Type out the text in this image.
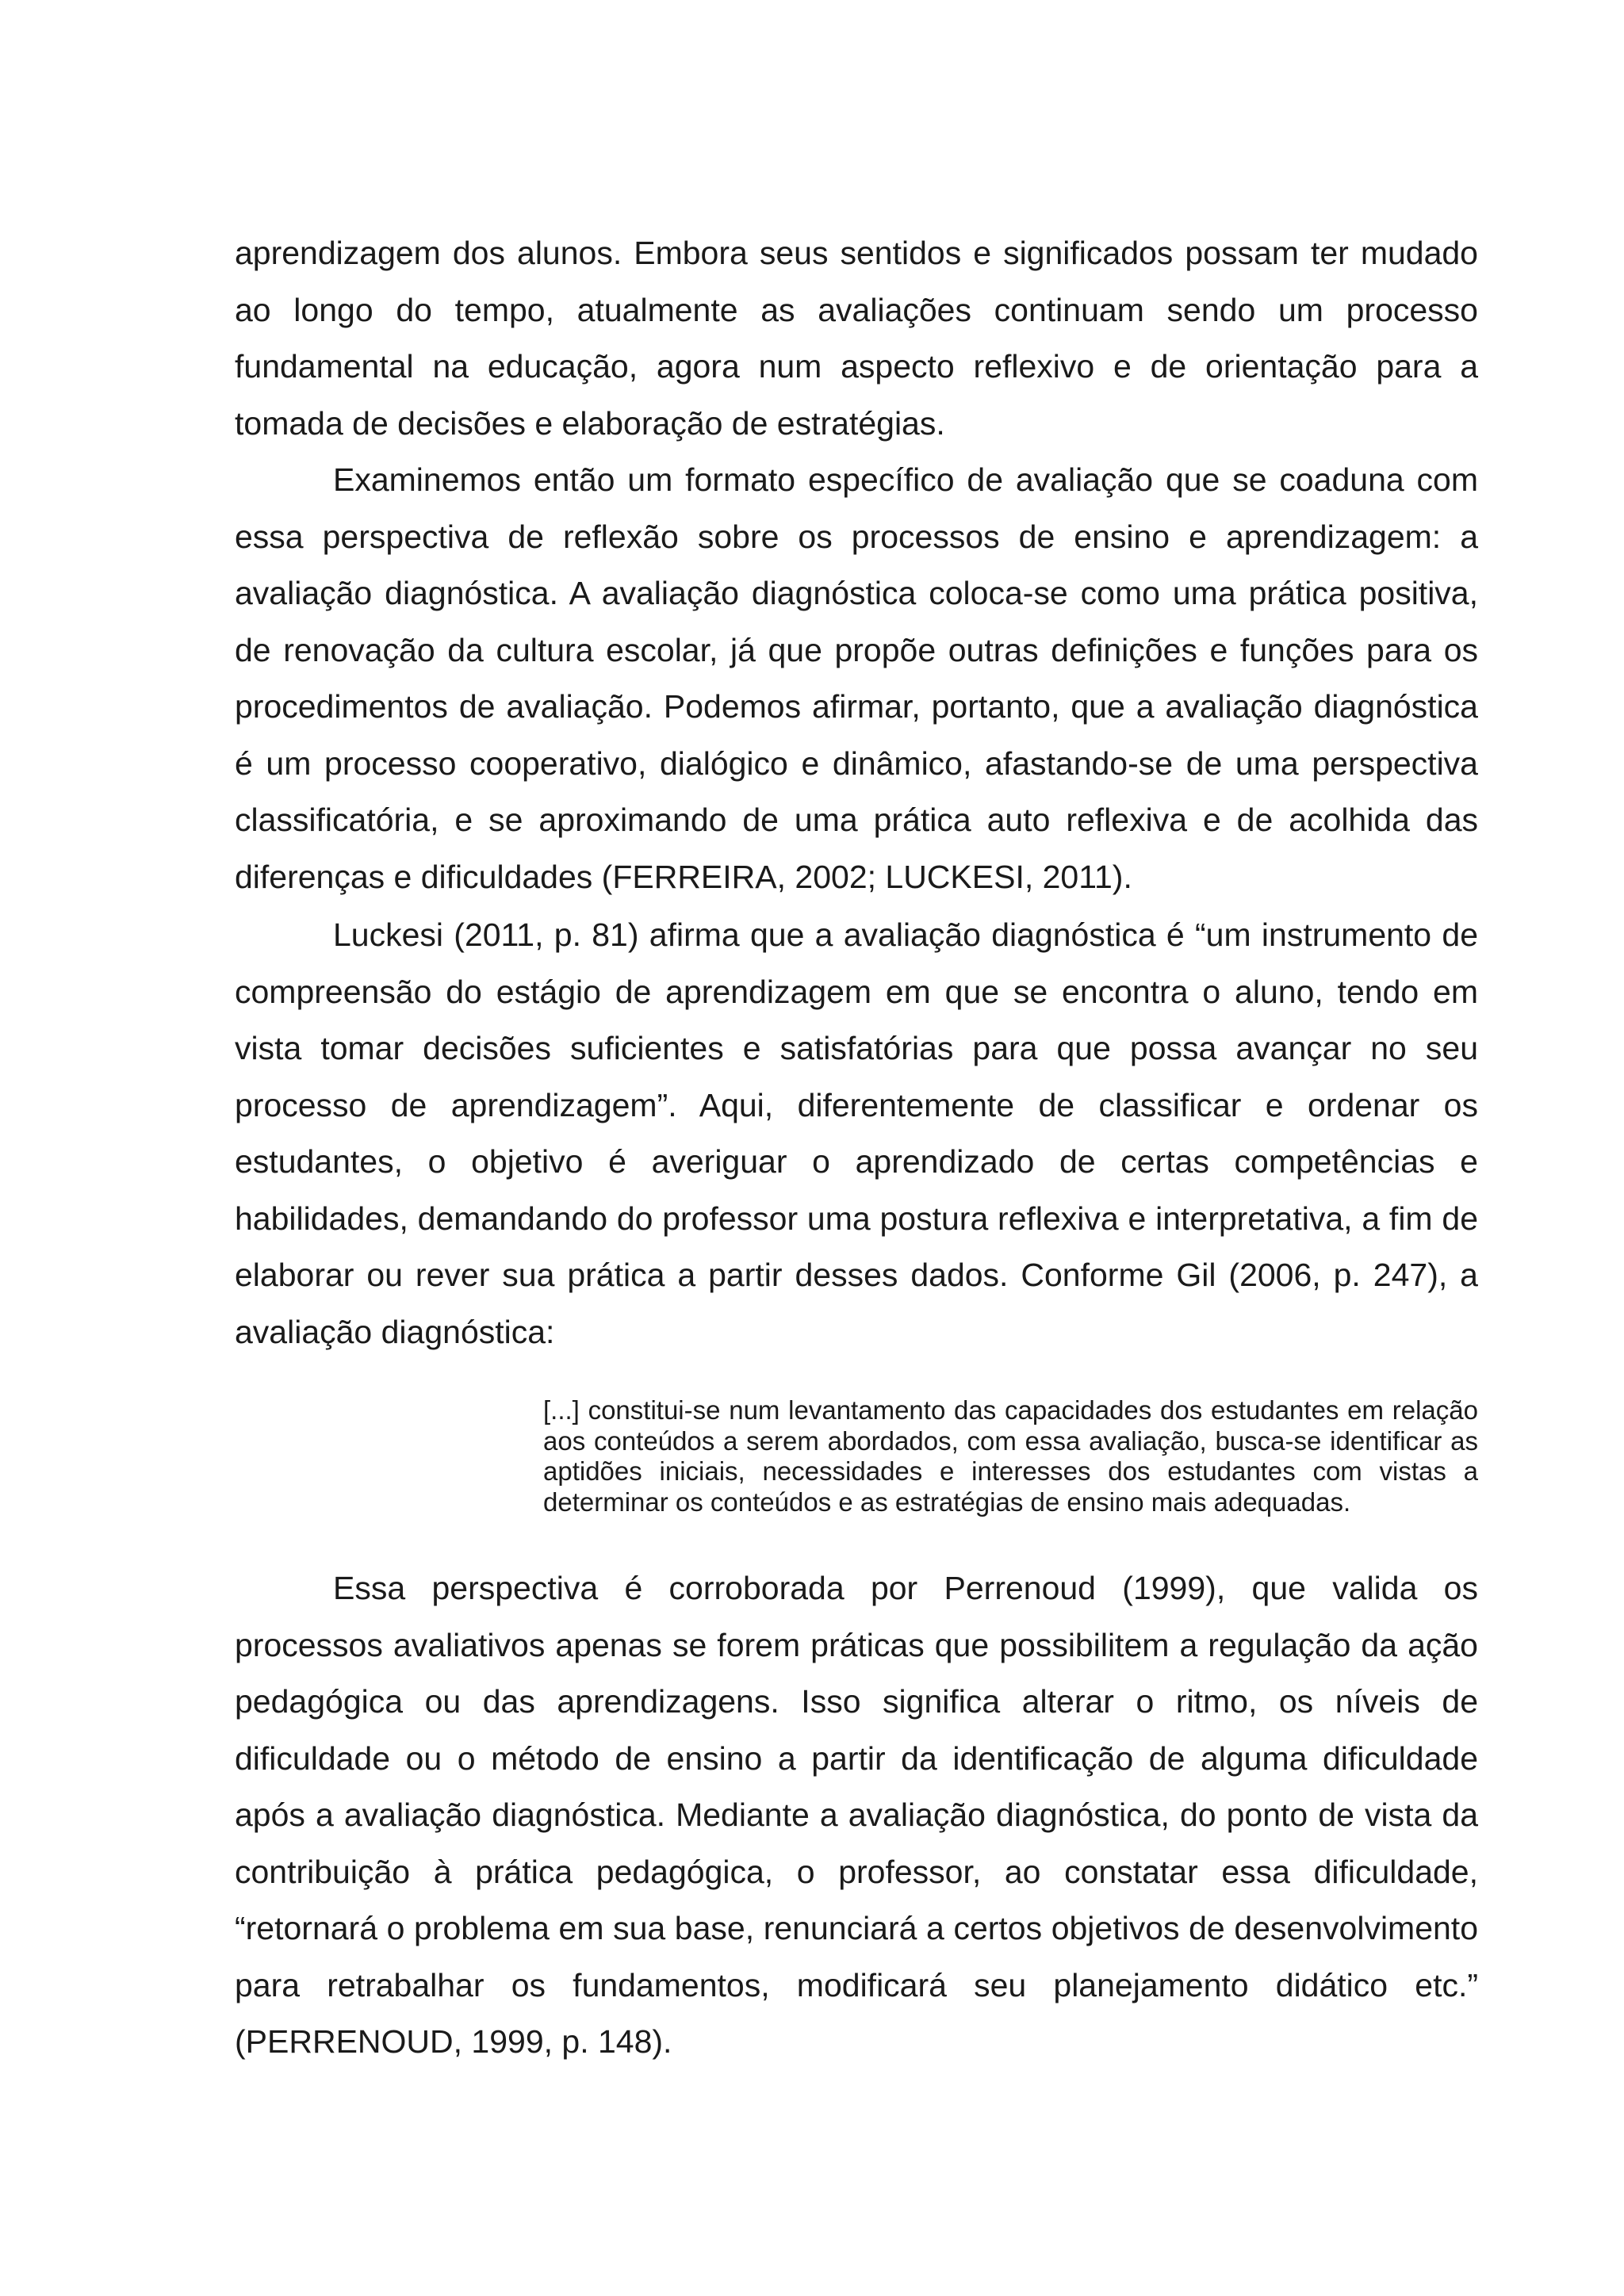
aprendizagem dos alunos. Embora seus sentidos e significados possam ter mudado ao longo do tempo, atualmente as avaliações continuam sendo um processo fundamental na educação, agora num aspecto reflexivo e de orientação para a tomada de decisões e elaboração de estratégias.

Examinemos então um formato específico de avaliação que se coaduna com essa perspectiva de reflexão sobre os processos de ensino e aprendizagem: a avaliação diagnóstica. A avaliação diagnóstica coloca-se como uma prática positiva, de renovação da cultura escolar, já que propõe outras definições e funções para os procedimentos de avaliação. Podemos afirmar, portanto, que a avaliação diagnóstica é um processo cooperativo, dialógico e dinâmico, afastando-se de uma perspectiva classificatória, e se aproximando de uma prática auto reflexiva e de acolhida das diferenças e dificuldades (FERREIRA, 2002; LUCKESI, 2011).

Luckesi (2011, p. 81) afirma que a avaliação diagnóstica é “um instrumento de compreensão do estágio de aprendizagem em que se encontra o aluno, tendo em vista tomar decisões suficientes e satisfatórias para que possa avançar no seu processo de aprendizagem”. Aqui, diferentemente de classificar e ordenar os estudantes, o objetivo é averiguar o aprendizado de certas competências e habilidades, demandando do professor uma postura reflexiva e interpretativa, a fim de elaborar ou rever sua prática a partir desses dados. Conforme Gil (2006, p. 247), a avaliação diagnóstica:

[...] constitui-se num levantamento das capacidades dos estudantes em relação aos conteúdos a serem abordados, com essa avaliação, busca-se identificar as aptidões iniciais, necessidades e interesses dos estudantes com vistas a determinar os conteúdos e as estratégias de ensino mais adequadas.

Essa perspectiva é corroborada por Perrenoud (1999), que valida os processos avaliativos apenas se forem práticas que possibilitem a regulação da ação pedagógica ou das aprendizagens. Isso significa alterar o ritmo, os níveis de dificuldade ou o método de ensino a partir da identificação de alguma dificuldade após a avaliação diagnóstica. Mediante a avaliação diagnóstica, do ponto de vista da contribuição à prática pedagógica, o professor, ao constatar essa dificuldade, “retornará o problema em sua base, renunciará a certos objetivos de desenvolvimento para retrabalhar os fundamentos, modificará seu planejamento didático etc.” (PERRENOUD, 1999, p. 148).
